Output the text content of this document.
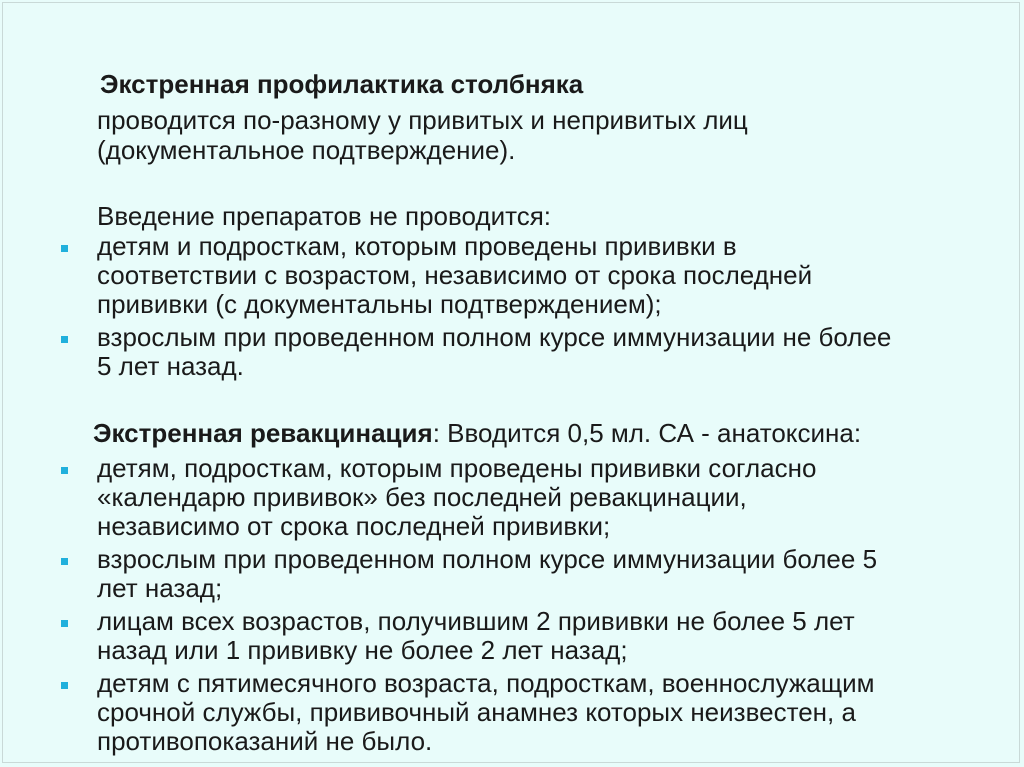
Экстренная профилактика столбняка
проводится по-разному у привитых и непривитых лиц
(документальное подтверждение).
Введение препаратов не проводится:
детям и подросткам, которым проведены прививки в
соответствии с возрастом, независимо от срока последней
прививки (с документальны подтверждением);
взрослым при проведенном полном курсе иммунизации не более
5 лет назад.
Экстренная ревакцинация: Вводится 0,5 мл. СА - анатоксина:
детям, подросткам, которым проведены прививки согласно
«календарю прививок» без последней ревакцинации,
независимо от срока последней прививки;
взрослым при проведенном полном курсе иммунизации более 5
лет назад;
лицам всех возрастов, получившим 2 прививки не более 5 лет
назад или 1 прививку не более 2 лет назад;
детям с пятимесячного возраста, подросткам, военнослужащим
срочной службы, прививочный анамнез которых неизвестен, а
противопоказаний не было.
